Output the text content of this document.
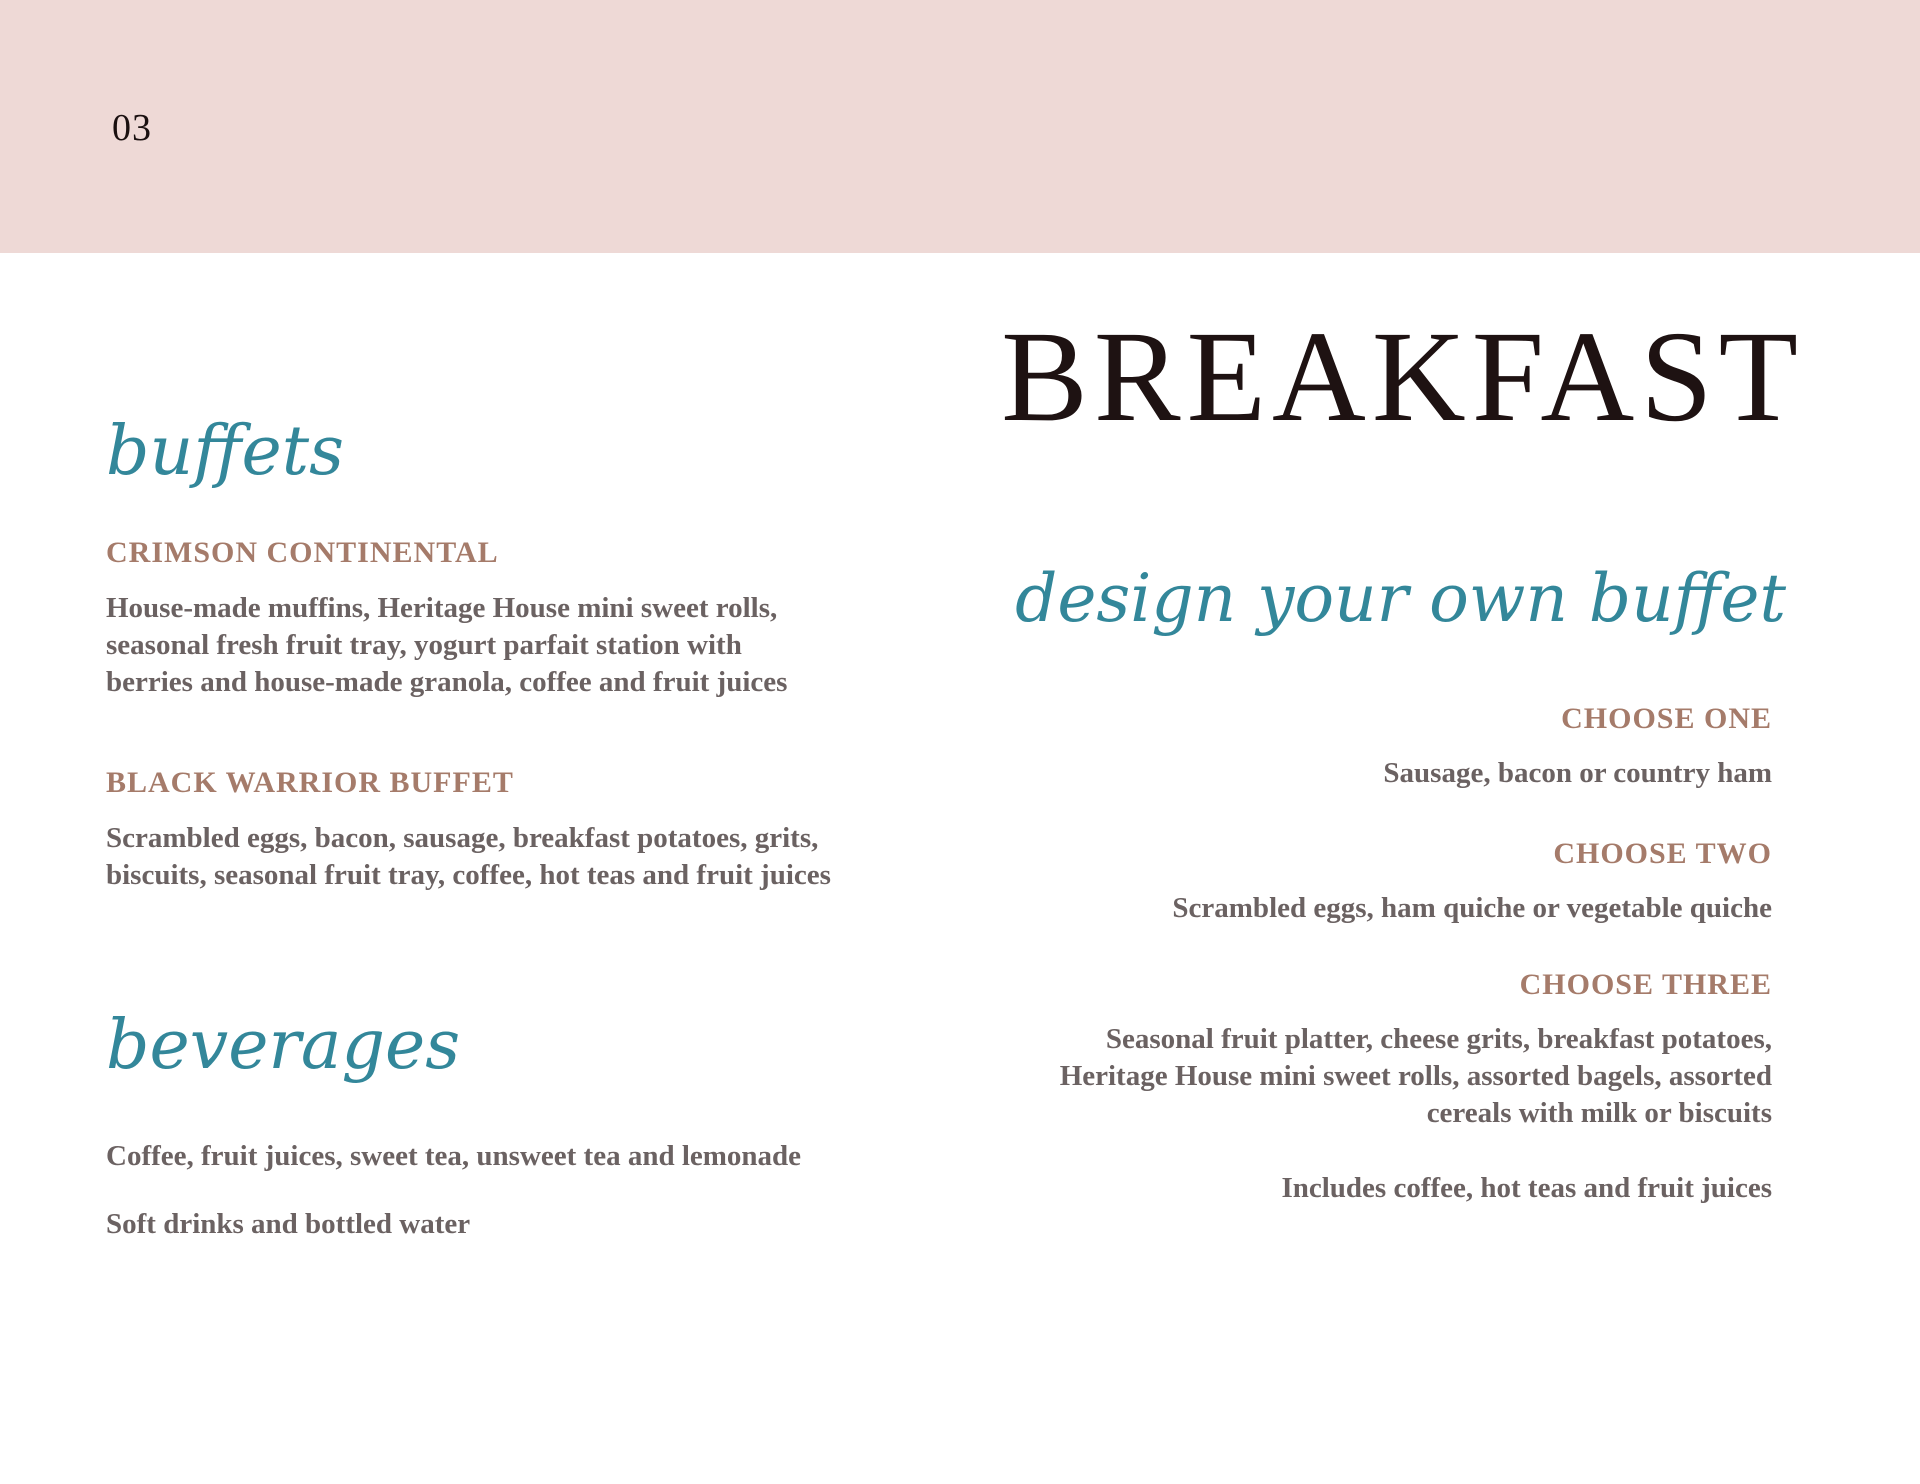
03
BREAKFAST
buffets
CRIMSON CONTINENTAL

House-made muffins, Heritage House mini sweet rolls, seasonal fresh fruit tray, yogurt parfait station with berries and house-made granola, coffee and fruit juices

BLACK WARRIOR BUFFET

Scrambled eggs, bacon, sausage, breakfast potatoes, grits, biscuits, seasonal fruit tray, coffee, hot teas and fruit juices

beverages

Coffee, fruit juices, sweet tea, unsweet tea and lemonade

Soft drinks and bottled water

design your own buffet
CHOOSE ONE

Sausage, bacon or country ham

CHOOSE TWO

Scrambled eggs, ham quiche or vegetable quiche

CHOOSE THREE

Seasonal fruit platter, cheese grits, breakfast potatoes, Heritage House mini sweet rolls, assorted bagels, assorted cereals with milk or biscuits

Includes coffee, hot teas and fruit juices
